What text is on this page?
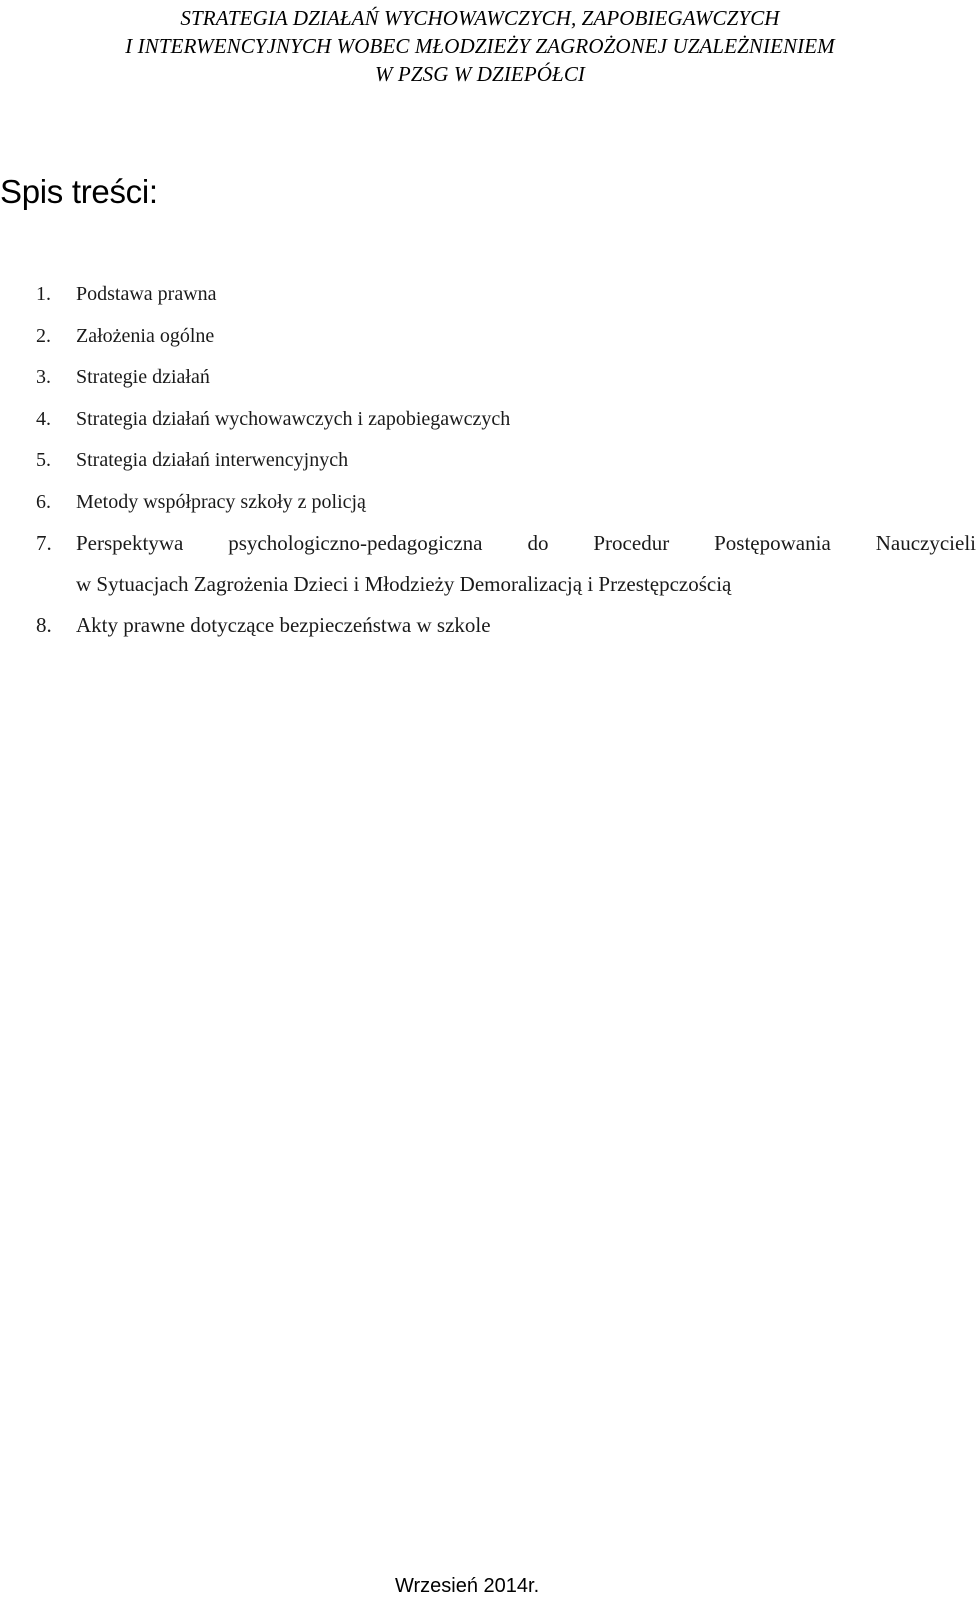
STRATEGIA DZIAŁAŃ WYCHOWAWCZYCH, ZAPOBIEGAWCZYCH
I INTERWENCYJNYCH WOBEC MŁODZIEŻY ZAGROŻONEJ UZALEŻNIENIEM
W PZSG W DZIEPÓŁCI
Spis treści:
1. Podstawa prawna
2. Założenia ogólne
3. Strategie działań
4. Strategia działań wychowawczych i zapobiegawczych
5. Strategia działań interwencyjnych
6. Metody współpracy szkoły z policją
7. Perspektywa psychologiczno-pedagogiczna do Procedur Postępowania Nauczycieli
w Sytuacjach Zagrożenia Dzieci i Młodzieży Demoralizacją i Przestępczością
8. Akty prawne dotyczące bezpieczeństwa w szkole
Wrzesień 2014r.
